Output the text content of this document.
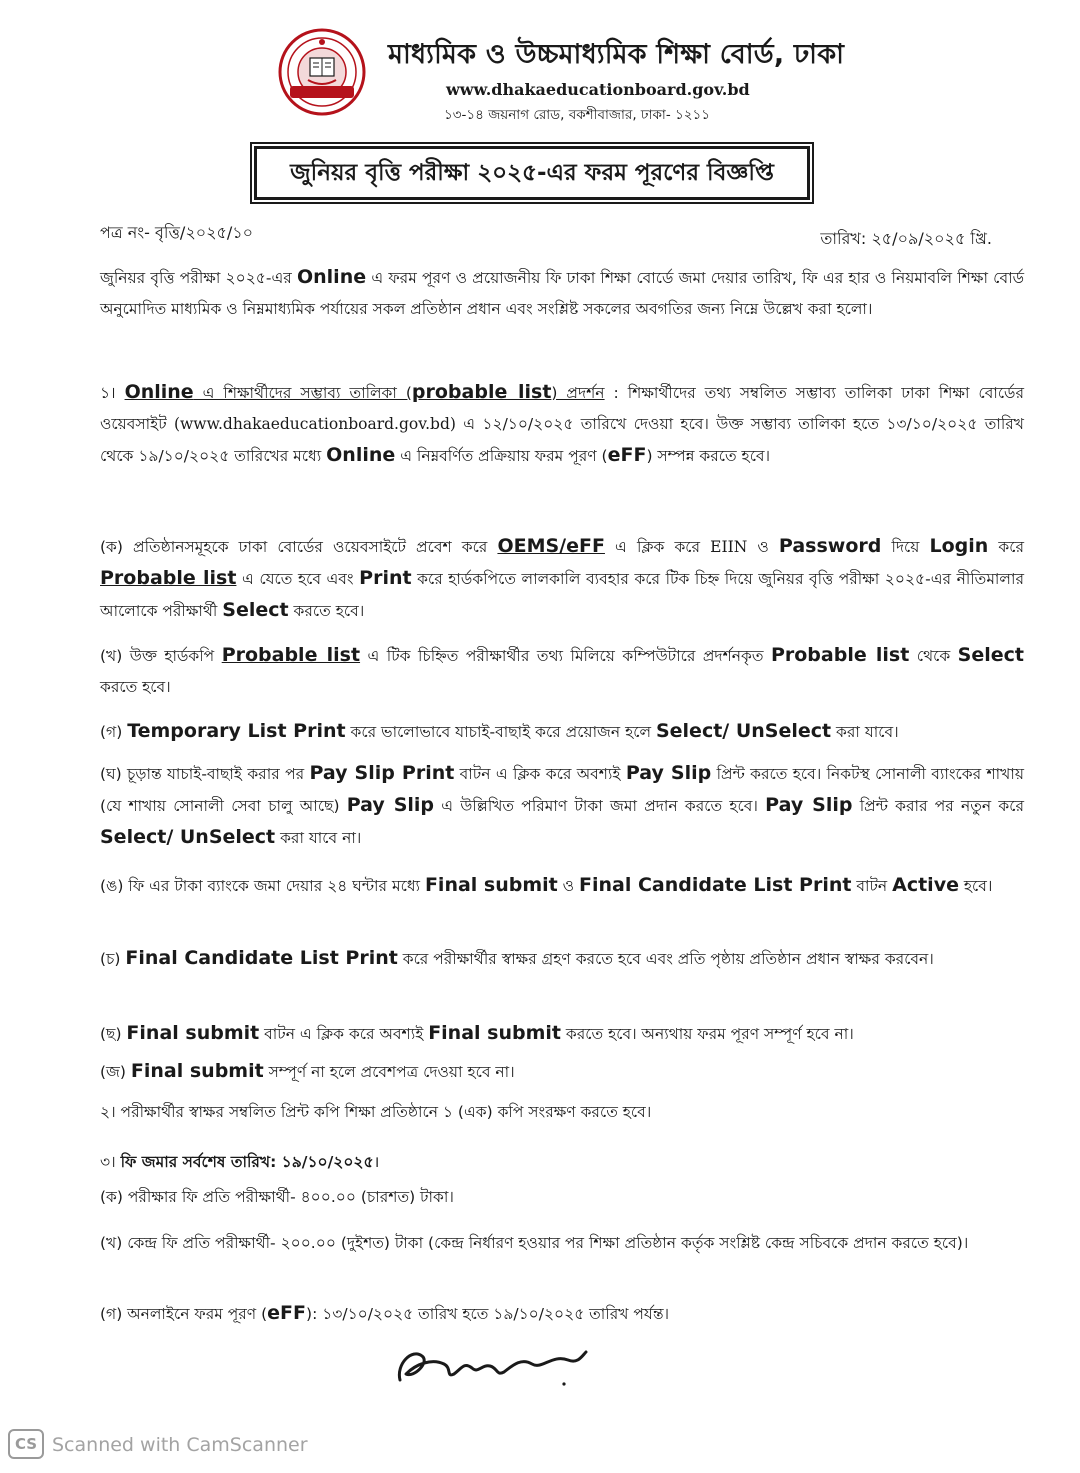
মাধ্যমিক ও উচ্চমাধ্যমিক শিক্ষা বোর্ড, ঢাকা
www.dhakaeducationboard.gov.bd
১৩-১৪ জয়নাগ রোড, বকশীবাজার, ঢাকা- ১২১১
জুনিয়র বৃত্তি পরীক্ষা ২০২৫-এর ফরম পূরণের বিজ্ঞপ্তি
পত্র নং- বৃত্তি/২০২৫/১০	তারিখ: ২৫/০৯/২০২৫ খ্রি.
জুনিয়র বৃত্তি পরীক্ষা ২০২৫-এর Online এ ফরম পূরণ ও প্রয়োজনীয় ফি ঢাকা শিক্ষা বোর্ডে জমা দেয়ার তারিখ, ফি এর হার ও নিয়মাবলি শিক্ষা বোর্ড অনুমোদিত মাধ্যমিক ও নিম্নমাধ্যমিক পর্যায়ের সকল প্রতিষ্ঠান প্রধান এবং সংশ্লিষ্ট সকলের অবগতির জন্য নিম্নে উল্লেখ করা হলো।
১। Online এ শিক্ষার্থীদের সম্ভাব্য তালিকা (probable list) প্রদর্শন : শিক্ষার্থীদের তথ্য সম্বলিত সম্ভাব্য তালিকা ঢাকা শিক্ষা বোর্ডের ওয়েবসাইট (www.dhakaeducationboard.gov.bd) এ ১২/১০/২০২৫ তারিখে দেওয়া হবে। উক্ত সম্ভাব্য তালিকা হতে ১৩/১০/২০২৫ তারিখ থেকে ১৯/১০/২০২৫ তারিখের মধ্যে Online এ নিম্নবর্ণিত প্রক্রিয়ায় ফরম পূরণ (eFF) সম্পন্ন করতে হবে।
(ক) প্রতিষ্ঠানসমূহকে ঢাকা বোর্ডের ওয়েবসাইটে প্রবেশ করে OEMS/eFF এ ক্লিক করে EIIN ও Password দিয়ে Login করে Probable list এ যেতে হবে এবং Print করে হার্ডকপিতে লালকালি ব্যবহার করে টিক চিহ্ন দিয়ে জুনিয়র বৃত্তি পরীক্ষা ২০২৫-এর নীতিমালার আলোকে পরীক্ষার্থী Select করতে হবে।
(খ) উক্ত হার্ডকপি Probable list এ টিক চিহ্নিত পরীক্ষার্থীর তথ্য মিলিয়ে কম্পিউটারে প্রদর্শনকৃত Probable list থেকে Select করতে হবে।
(গ) Temporary List Print করে ভালোভাবে যাচাই-বাছাই করে প্রয়োজন হলে Select/ UnSelect করা যাবে।
(ঘ) চূড়ান্ত যাচাই-বাছাই করার পর Pay Slip Print বাটন এ ক্লিক করে অবশ্যই Pay Slip প্রিন্ট করতে হবে। নিকটস্থ সোনালী ব্যাংকের শাখায় (যে শাখায় সোনালী সেবা চালু আছে) Pay Slip এ উল্লিখিত পরিমাণ টাকা জমা প্রদান করতে হবে। Pay Slip প্রিন্ট করার পর নতুন করে Select/ UnSelect করা যাবে না।
(ঙ) ফি এর টাকা ব্যাংকে জমা দেয়ার ২৪ ঘন্টার মধ্যে Final submit ও Final Candidate List Print বাটন Active হবে।
(চ) Final Candidate List Print করে পরীক্ষার্থীর স্বাক্ষর গ্রহণ করতে হবে এবং প্রতি পৃষ্ঠায় প্রতিষ্ঠান প্রধান স্বাক্ষর করবেন।
(ছ) Final submit বাটন এ ক্লিক করে অবশ্যই Final submit করতে হবে। অন্যথায় ফরম পূরণ সম্পূর্ণ হবে না।
(জ) Final submit সম্পূর্ণ না হলে প্রবেশপত্র দেওয়া হবে না।
২। পরীক্ষার্থীর স্বাক্ষর সম্বলিত প্রিন্ট কপি শিক্ষা প্রতিষ্ঠানে ১ (এক) কপি সংরক্ষণ করতে হবে।
৩। ফি জমার সর্বশেষ তারিখ: ১৯/১০/২০২৫।
(ক) পরীক্ষার ফি প্রতি পরীক্ষার্থী- ৪০০.০০ (চারশত) টাকা।
(খ) কেন্দ্র ফি প্রতি পরীক্ষার্থী- ২০০.০০ (দুইশত) টাকা (কেন্দ্র নির্ধারণ হওয়ার পর শিক্ষা প্রতিষ্ঠান কর্তৃক সংশ্লিষ্ট কেন্দ্র সচিবকে প্রদান করতে হবে)।
(গ) অনলাইনে ফরম পূরণ (eFF): ১৩/১০/২০২৫ তারিখ হতে ১৯/১০/২০২৫ তারিখ পর্যন্ত।
CS Scanned with CamScanner
